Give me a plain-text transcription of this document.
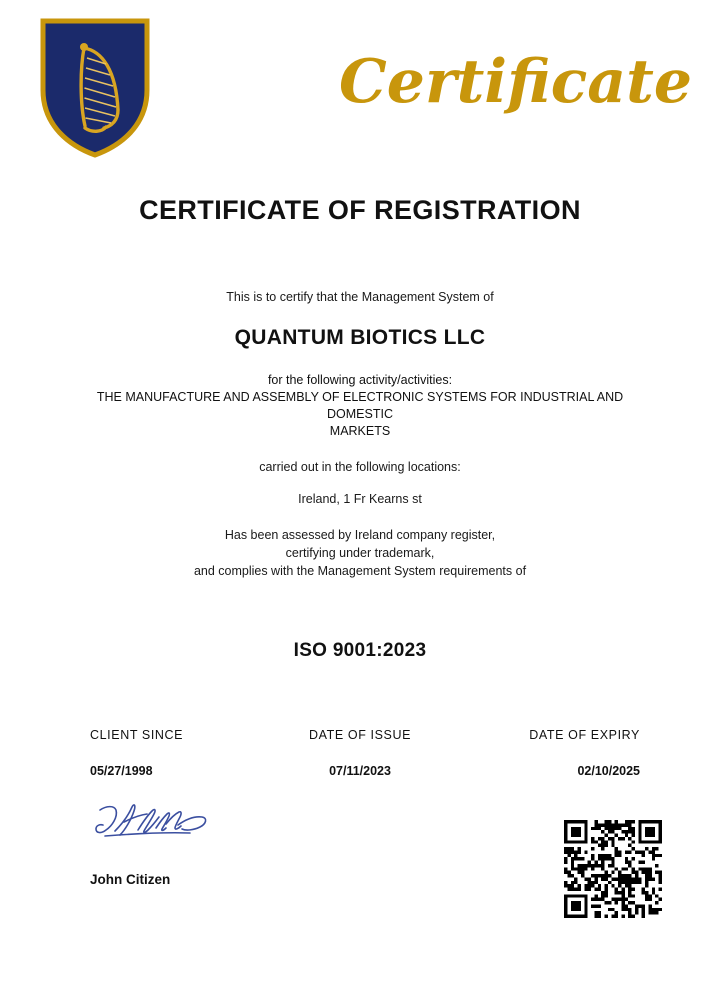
Certificate
CERTIFICATE OF REGISTRATION
This is to certify that the Management System of
QUANTUM BIOTICS LLC
for the following activity/activities:
THE MANUFACTURE AND ASSEMBLY OF ELECTRONIC SYSTEMS FOR INDUSTRIAL AND
DOMESTIC
MARKETS
carried out in the following locations:
Ireland, 1 Fr Kearns st
Has been assessed by Ireland company register,
certifying under trademark,
and complies with the Management System requirements of
ISO 9001:2023
CLIENT SINCE
05/27/1998
DATE OF ISSUE
07/11/2023
DATE OF EXPIRY
02/10/2025
John Citizen
